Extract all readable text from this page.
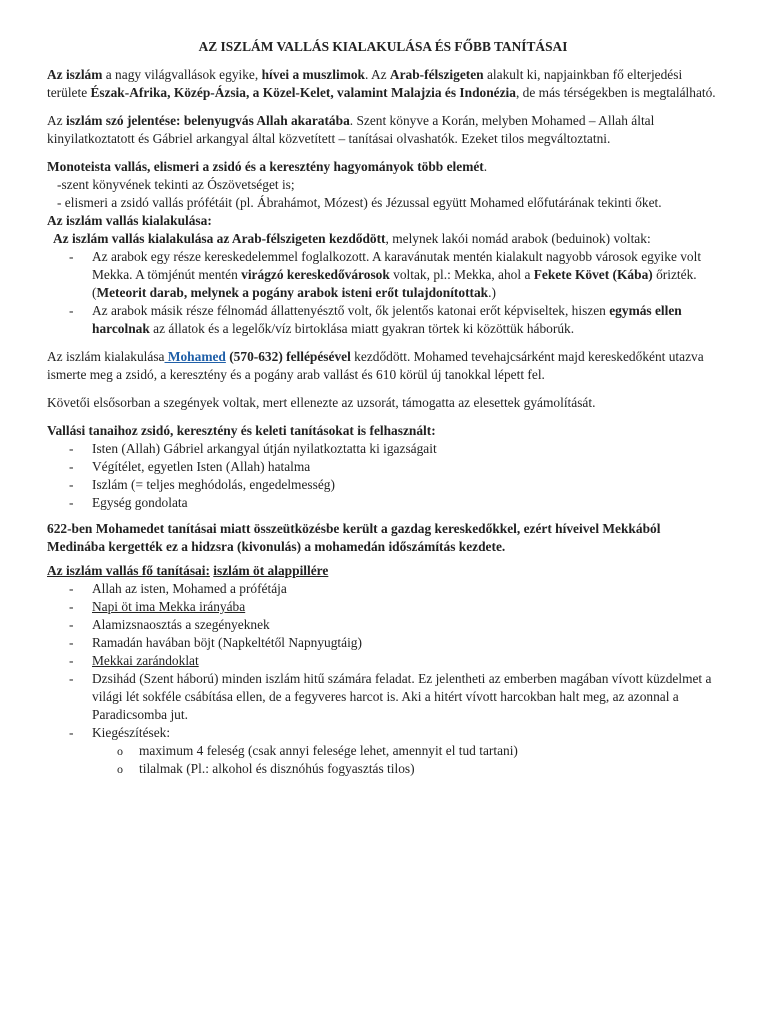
AZ ISZLÁM VALLÁS KIALAKULÁSA ÉS FŐBB TANÍTÁSAI

Az iszlám a nagy világvallások egyike, hívei a muszlimok. Az Arab-félszigeten alakult ki, napjainkban fő elterjedési területe Észak-Afrika, Közép-Ázsia, a Közel-Kelet, valamint Malajzia és Indonézia, de más térségekben is megtalálható.

Az iszlám szó jelentése: belenyugvás Allah akaratába. Szent könyve a Korán, melyben Mohamed – Allah által kinyilatkoztatott és Gábriel arkangyal által közvetített – tanításai olvashatók. Ezeket tilos megváltoztatni.

Monoteista vallás, elismeri a zsidó és a keresztény hagyományok több elemét.

-szent könyvének tekinti az Ószövetséget is;

- elismeri a zsidó vallás prófétáit (pl. Ábrahámot, Mózest) és Jézussal együtt Mohamed előfutárának tekinti őket.

Az iszlám vallás kialakulása:

Az iszlám vallás kialakulása az Arab-félszigeten kezdődött, melynek lakói nomád arabok (beduinok) voltak:

- Az arabok egy része kereskedelemmel foglalkozott. A karavánutak mentén kialakult nagyobb városok egyike volt Mekka. A tömjénút mentén virágzó kereskedővárosok voltak, pl.: Mekka, ahol a Fekete Követ (Kába) őrizték. (Meteorit darab, melynek a pogány arabok isteni erőt tulajdonítottak.)
- Az arabok másik része félnomád állattenyésztő volt, ők jelentős katonai erőt képviseltek, hiszen egymás ellen harcolnak az állatok és a legelők/víz birtoklása miatt gyakran törtek ki közöttük háborúk.

Az iszlám kialakulása Mohamed (570-632) fellépésével kezdődött. Mohamed tevehajcsárként majd kereskedőként utazva ismerte meg a zsidó, a keresztény és a pogány arab vallást és 610 körül új tanokkal lépett fel.

Követői elsősorban a szegények voltak, mert ellenezte az uzsorát, támogatta az elesettek gyámolítását.

Vallási tanaihoz zsidó, keresztény és keleti tanításokat is felhasznált:

- Isten (Allah) Gábriel arkangyal útján nyilatkoztatta ki igazságait
- Végítélet, egyetlen Isten (Allah) hatalma
- Iszlám (= teljes meghódolás, engedelmesség)
- Egység gondolata

622-ben Mohamedet tanításai miatt összeütközésbe került a gazdag kereskedőkkel, ezért híveivel Mekkából Medinába kergették ez a hidzsra (kivonulás) a mohamedán időszámítás kezdete.

Az iszlám vallás fő tanításai: iszlám öt alappillére

- Allah az isten, Mohamed a prófétája
- Napi öt ima Mekka irányába
- Alamizsnaosztás a szegényeknek
- Ramadán havában böjt (Napkeltétől Napnyugtáig)
- Mekkai zarándoklat
- Dzsihád (Szent háború) minden iszlám hitű számára feladat. Ez jelentheti az emberben magában vívott küzdelmet a világi lét sokféle csábítása ellen, de a fegyveres harcot is. Aki a hitért vívott harcokban halt meg, az azonnal a Paradicsomba jut.
- Kiegészítések:
o maximum 4 feleség (csak annyi felesége lehet, amennyit el tud tartani)
o tilalmak (Pl.: alkohol és disznóhús fogyasztás tilos)
